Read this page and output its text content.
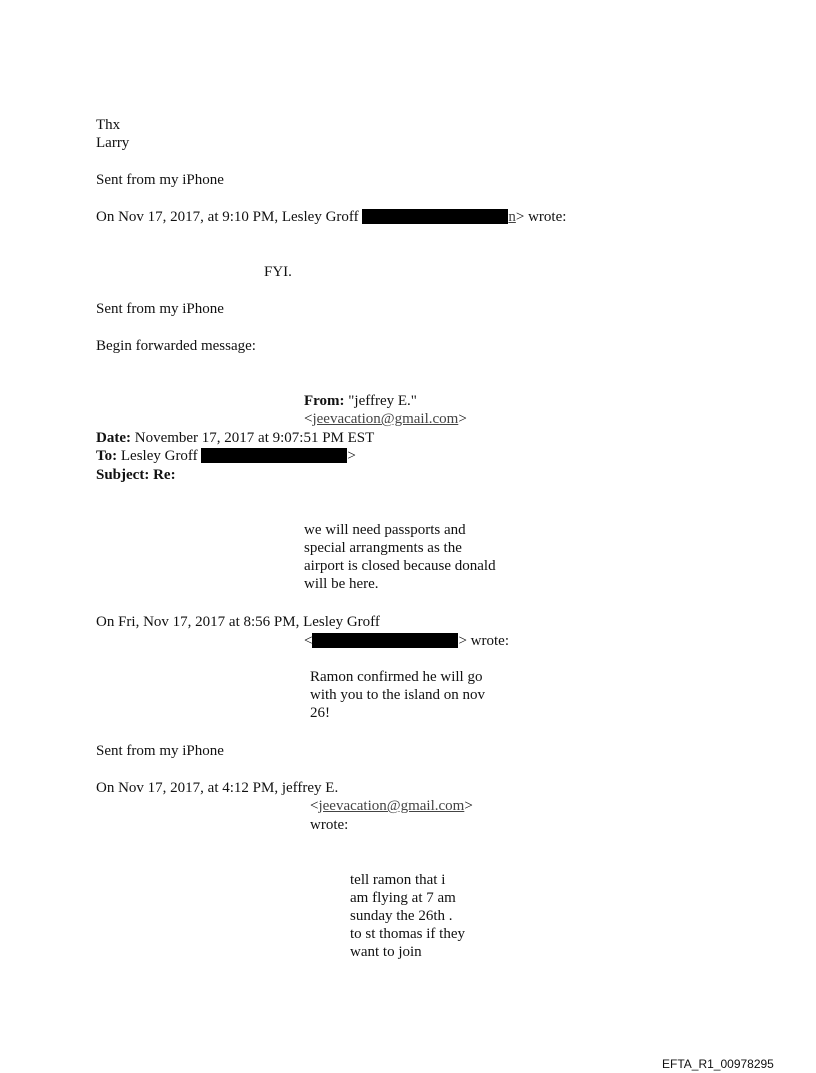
Thx

Larry

Sent from my iPhone

On Nov 17, 2017, at 9:10 PM, Lesley Groff	n> wrote:

FYI.

Sent from my iPhone

Begin forwarded message:

From: "jeffrey E."

<jeevacation@gmail.com>

Date: November 17, 2017 at 9:07:51 PM EST

To: Lesley Groff	>

Subject: Re:

we will need passports and
special arrangments as the
airport is closed because donald
will be here.

On Fri, Nov 17, 2017 at 8:56 PM, Lesley Groff

<	> wrote:

Ramon confirmed he will go
with you to the island on nov
26!

Sent from my iPhone

On Nov 17, 2017, at 4:12 PM, jeffrey E.

<jeevacation@gmail.com>

wrote:

tell ramon that i
am flying at 7 am
sunday the 26th .
to st thomas if they
want to join
EFTA_R1_00978295
